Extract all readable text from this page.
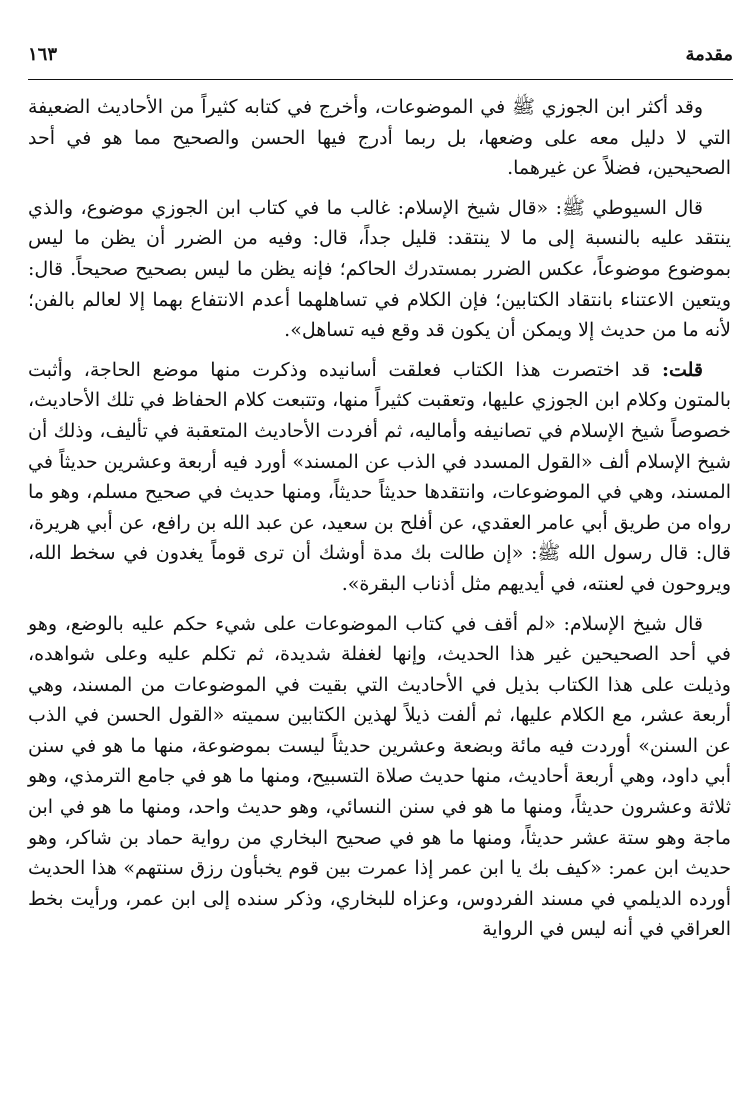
مقدمة
١٦٣

وقد أكثر ابن الجوزي ﷺ في الموضوعات، وأخرج في كتابه كثيراً من الأحاديث الضعيفة التي لا دليل معه على وضعها، بل ربما أدرج فيها الحسن والصحيح مما هو في أحد الصحيحين، فضلاً عن غيرهما.

قال السيوطي ﷺ: «قال شيخ الإسلام: غالب ما في كتاب ابن الجوزي موضوع، والذي ينتقد عليه بالنسبة إلى ما لا ينتقد: قليل جداً، قال: وفيه من الضرر أن يظن ما ليس بموضوع موضوعاً، عكس الضرر بمستدرك الحاكم؛ فإنه يظن ما ليس بصحيح صحيحاً. قال: ويتعين الاعتناء بانتقاد الكتابين؛ فإن الكلام في تساهلهما أعدم الانتفاع بهما إلا لعالم بالفن؛ لأنه ما من حديث إلا ويمكن أن يكون قد وقع فيه تساهل».

قلت: قد اختصرت هذا الكتاب فعلقت أسانيده وذكرت منها موضع الحاجة، وأثبت بالمتون وكلام ابن الجوزي عليها، وتعقبت كثيراً منها، وتتبعت كلام الحفاظ في تلك الأحاديث، خصوصاً شيخ الإسلام في تصانيفه وأماليه، ثم أفردت الأحاديث المتعقبة في تأليف، وذلك أن شيخ الإسلام ألف «القول المسدد في الذب عن المسند» أورد فيه أربعة وعشرين حديثاً في المسند، وهي في الموضوعات، وانتقدها حديثاً حديثاً، ومنها حديث في صحيح مسلم، وهو ما رواه من طريق أبي عامر العقدي، عن أفلح بن سعيد، عن عبد الله بن رافع، عن أبي هريرة، قال: قال رسول الله ﷺ: «إن طالت بك مدة أوشك أن ترى قوماً يغدون في سخط الله، ويروحون في لعنته، في أيديهم مثل أذناب البقرة».

قال شيخ الإسلام: «لم أقف في كتاب الموضوعات على شيء حكم عليه بالوضع، وهو في أحد الصحيحين غير هذا الحديث، وإنها لغفلة شديدة، ثم تكلم عليه وعلى شواهده، وذيلت على هذا الكتاب بذيل في الأحاديث التي بقيت في الموضوعات من المسند، وهي أربعة عشر، مع الكلام عليها، ثم ألفت ذيلاً لهذين الكتابين سميته «القول الحسن في الذب عن السنن» أوردت فيه مائة وبضعة وعشرين حديثاً ليست بموضوعة، منها ما هو في سنن أبي داود، وهي أربعة أحاديث، منها حديث صلاة التسبيح، ومنها ما هو في جامع الترمذي، وهو ثلاثة وعشرون حديثاً، ومنها ما هو في سنن النسائي، وهو حديث واحد، ومنها ما هو في ابن ماجة وهو ستة عشر حديثاً، ومنها ما هو في صحيح البخاري من رواية حماد بن شاكر، وهو حديث ابن عمر: «كيف بك يا ابن عمر إذا عمرت بين قوم يخبأون رزق سنتهم» هذا الحديث أورده الديلمي في مسند الفردوس، وعزاه للبخاري، وذكر سنده إلى ابن عمر، ورأيت بخط العراقي في أنه ليس في الرواية
